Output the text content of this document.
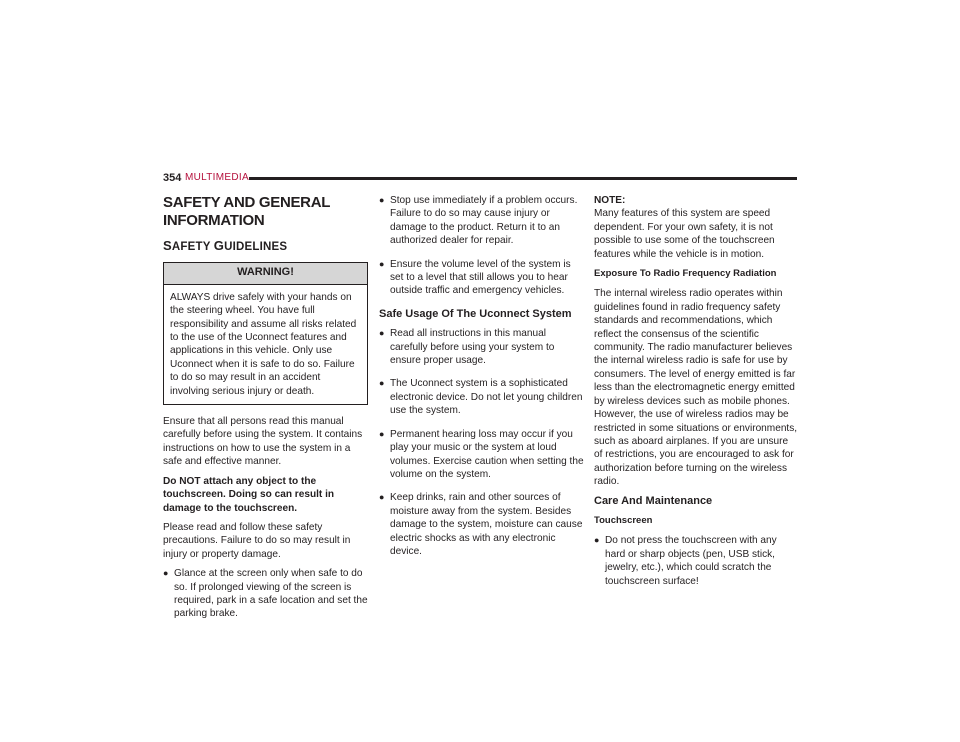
354 MULTIMEDIA
SAFETY AND GENERAL INFORMATION
SAFETY GUIDELINES
WARNING!
ALWAYS drive safely with your hands on the steering wheel. You have full responsibility and assume all risks related to the use of the Uconnect features and applications in this vehicle. Only use Uconnect when it is safe to do so. Failure to do so may result in an accident involving serious injury or death.

Ensure that all persons read this manual carefully before using the system. It contains instructions on how to use the system in a safe and effective manner.

Do NOT attach any object to the touchscreen. Doing so can result in damage to the touchscreen.

Please read and follow these safety precautions. Failure to do so may result in injury or property damage.

● Glance at the screen only when safe to do so. If prolonged viewing of the screen is required, park in a safe location and set the parking brake.
● Stop use immediately if a problem occurs. Failure to do so may cause injury or damage to the product. Return it to an authorized dealer for repair.
● Ensure the volume level of the system is set to a level that still allows you to hear outside traffic and emergency vehicles.
Safe Usage Of The Uconnect System
● Read all instructions in this manual carefully before using your system to ensure proper usage.
● The Uconnect system is a sophisticated electronic device. Do not let young children use the system.
● Permanent hearing loss may occur if you play your music or the system at loud volumes. Exercise caution when setting the volume on the system.
● Keep drinks, rain and other sources of moisture away from the system. Besides damage to the system, moisture can cause electric shocks as with any electronic device.
NOTE:

Many features of this system are speed dependent. For your own safety, it is not possible to use some of the touchscreen features while the vehicle is in motion.

Exposure To Radio Frequency Radiation

The internal wireless radio operates within guidelines found in radio frequency safety standards and recommendations, which reflect the consensus of the scientific community. The radio manufacturer believes the internal wireless radio is safe for use by consumers. The level of energy emitted is far less than the electromagnetic energy emitted by wireless devices such as mobile phones. However, the use of wireless radios may be restricted in some situations or environments, such as aboard airplanes. If you are unsure of restrictions, you are encouraged to ask for authorization before turning on the wireless radio.

Care And Maintenance
Touchscreen
● Do not press the touchscreen with any hard or sharp objects (pen, USB stick, jewelry, etc.), which could scratch the touchscreen surface!
